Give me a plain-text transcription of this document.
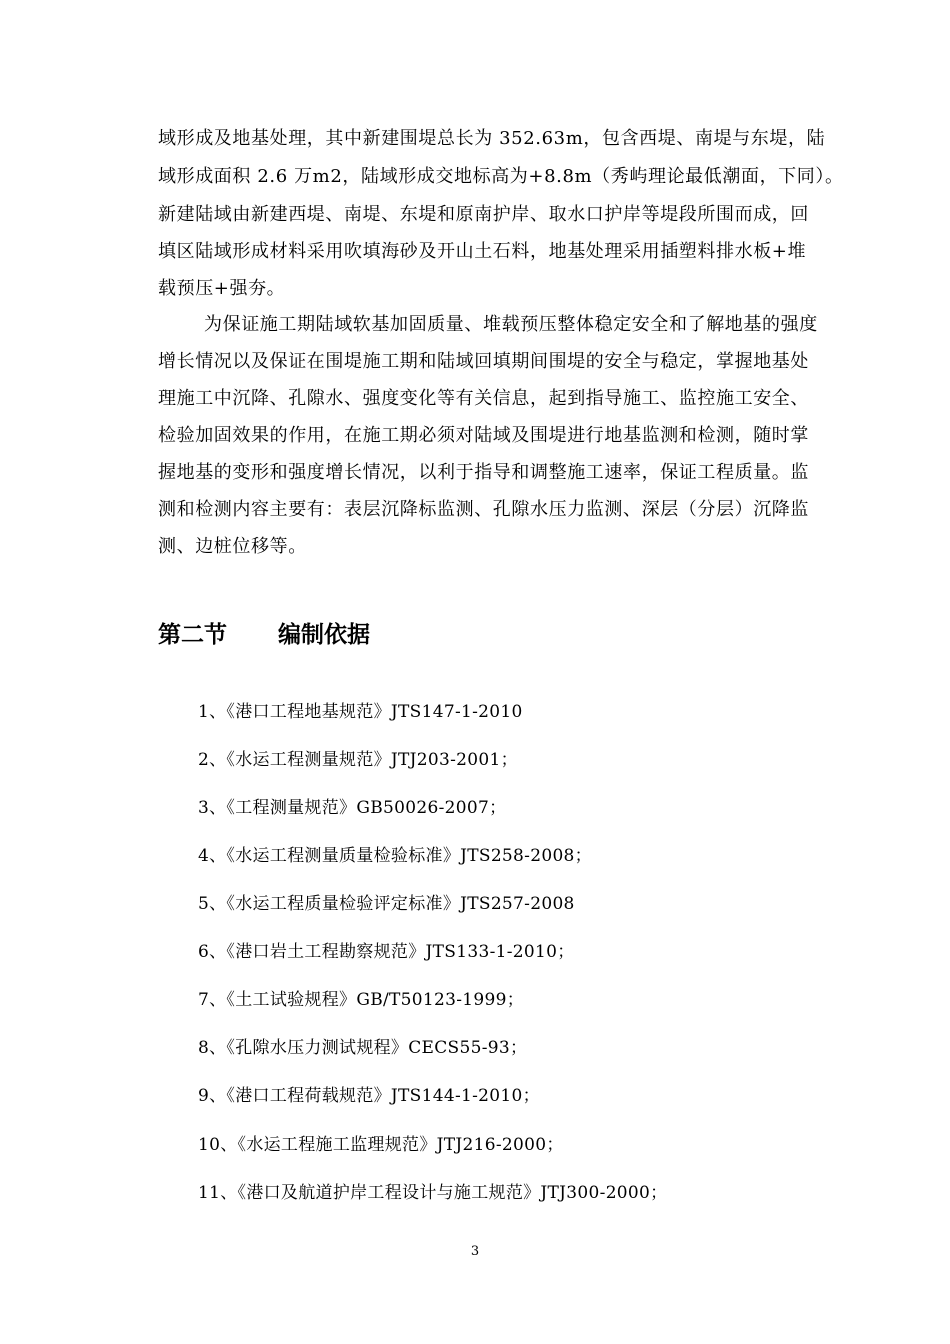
域形成及地基处理，其中新建围堤总长为 352.63m，包含西堤、南堤与东堤，陆
域形成面积 2.6 万m2，陆域形成交地标高为+8.8m（秀屿理论最低潮面，下同）。
新建陆域由新建西堤、南堤、东堤和原南护岸、取水口护岸等堤段所围而成，回
填区陆域形成材料采用吹填海砂及开山土石料，地基处理采用插塑料排水板+堆
载预压+强夯。
为保证施工期陆域软基加固质量、堆载预压整体稳定安全和了解地基的强度
增长情况以及保证在围堤施工期和陆域回填期间围堤的安全与稳定，掌握地基处
理施工中沉降、孔隙水、强度变化等有关信息，起到指导施工、监控施工安全、
检验加固效果的作用，在施工期必须对陆域及围堤进行地基监测和检测，随时掌
握地基的变形和强度增长情况，以利于指导和调整施工速率，保证工程质量。监
测和检测内容主要有：表层沉降标监测、孔隙水压力监测、深层（分层）沉降监
测、边桩位移等。
第二节 编制依据
1、《港口工程地基规范》JTS147-1-2010
2、《水运工程测量规范》JTJ203-2001；
3、《工程测量规范》GB50026-2007；
4、《水运工程测量质量检验标准》JTS258-2008；
5、《水运工程质量检验评定标准》JTS257-2008
6、《港口岩土工程勘察规范》JTS133-1-2010；
7、《土工试验规程》GB/T50123-1999；
8、《孔隙水压力测试规程》CECS55-93；
9、《港口工程荷载规范》JTS144-1-2010；
10、《水运工程施工监理规范》JTJ216-2000；
11、《港口及航道护岸工程设计与施工规范》JTJ300-2000；
3
